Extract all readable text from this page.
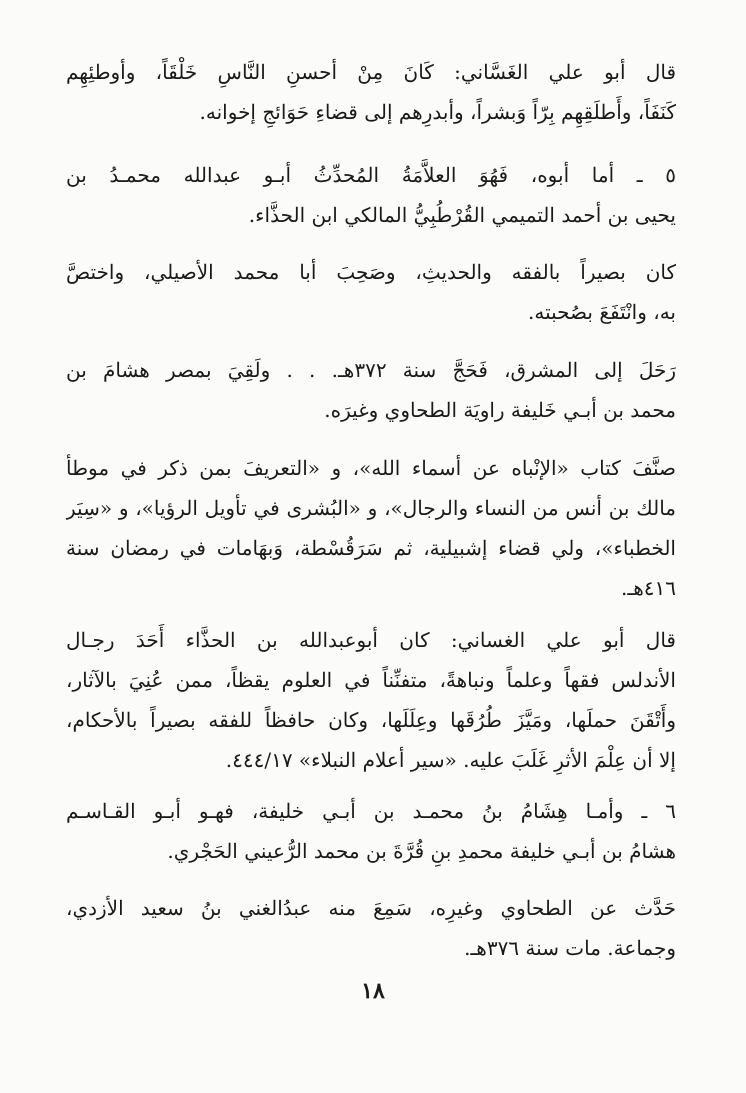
قال أبو علي الغَسَّاني: كَانَ مِنْ أحسنِ النَّاسِ خَلْقَاً، وأوطئِهِم
كَنَفَاً، وأَطلَقِهِم بِرّاً وَبشراً، وأبدرِهم إلى قضاءِ حَوَائجِ إخوانه.
٥ ـ أما أبوه، فَهُوَ العلاَّمَةُ المُحدِّثُ أبـو عبدالله محمـدُ بن
يحيى بن أحمد التميمي القُرْطُبِيُّ المالكي ابن الحذَّاء.
كان بصيراً بالفقه والحديثِ، وصَحِبَ أبا محمد الأصيلي، واختصَّ
به، وانْتَفَعَ بصُحبته.
رَحَلَ إلى المشرق، فَحَجَّ سنة ٣٧٢هـ. . . ولَقِيَ بمصر هشامَ بن
محمد بن أبـي خَليفة راويَة الطحاوي وغيرَه.
صنَّفَ كتاب «الإنْباه عن أسماء الله»، و «التعريفَ بمن ذكر في موطأ
مالك بن أنس من النساء والرجال»، و «البُشرى في تأويل الرؤيا»، و «سِيَر
الخطباء»، ولي قضاء إشبيلية، ثم سَرَقُسْطة، وَبهَامات في رمضان سنة
٤١٦هـ.
قال أبو علي الغساني: كان أبوعبدالله بن الحذَّاء أَحَدَ رجـال
الأندلس فقهاً وعلماً ونباهةً، متفنِّناً في العلوم يقظاً، ممن عُنِيَ بالآثار،
وأَتْقَنَ حملَها، ومَيَّزَ طُرُقَها وعِلَلَها، وكان حافظاً للفقه بصيراً بالأحكام،
إلا أن عِلْمَ الأثرِ غَلَبَ عليه. «سير أعلام النبلاء» ٤٤٤/١٧.
٦ ـ وأمـا هِشَامُ بنُ محمـد بن أبـي خليفة، فهـو أبـو القـاسـم
هشامُ بن أبـي خليفة محمدِ بنِ قُرَّةَ بن محمد الرُّعيني الحَجْري.
حَدَّث عن الطحاوي وغيرِه، سَمِعَ منه عبدُالغني بنُ سعيد الأزدي،
وجماعة. مات سنة ٣٧٦هـ.
١٨
